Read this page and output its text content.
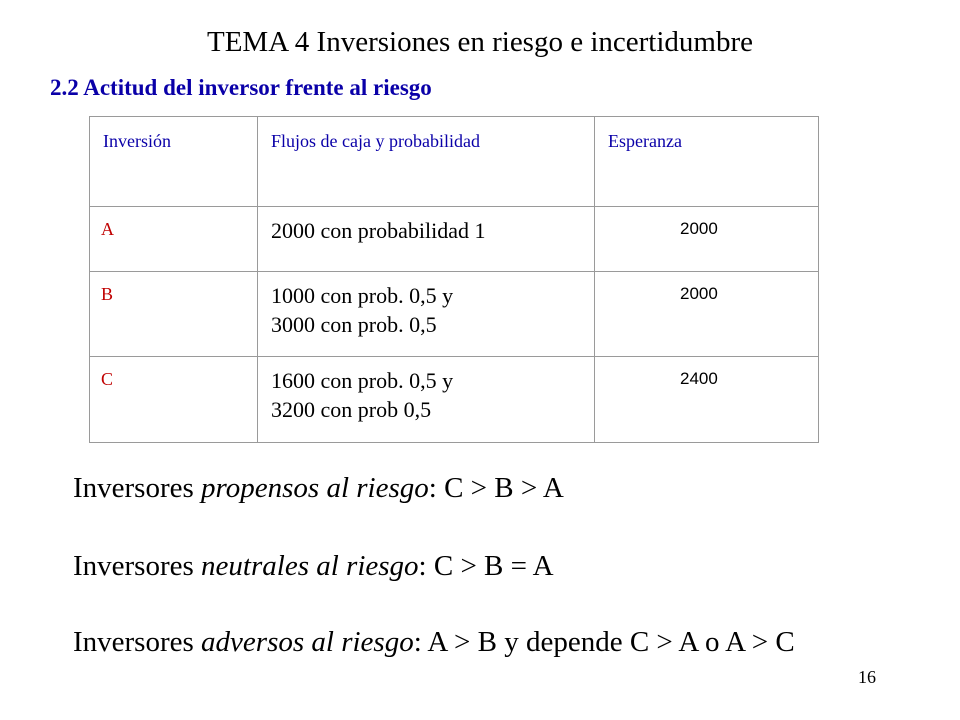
TEMA 4 Inversiones en riesgo e incertidumbre
2.2 Actitud del inversor frente al riesgo
Inversión	Flujos de caja y probabilidad	Esperanza

A	2000 con probabilidad 1	2000

B	1000 con prob. 0,5 y
3000 con prob. 0,5	2000

C	1600 con prob. 0,5 y
3200 con prob 0,5	2400
Inversores propensos al riesgo: C > B > A
Inversores neutrales al riesgo: C > B = A
Inversores adversos al riesgo: A > B y depende C > A o A > C
16
